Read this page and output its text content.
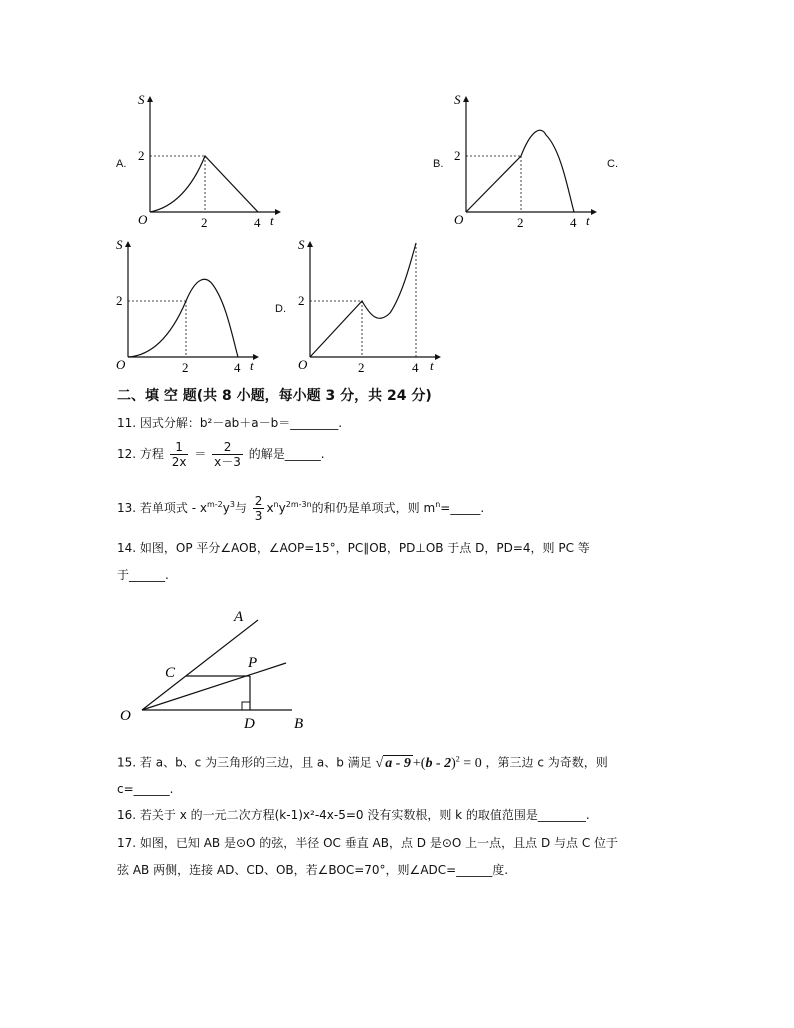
A.
S
2
O	2	4 t
B.
S
2
O	2	4 t
C.
S
2
O	2	4 t
D.
S
2
O	2	4 t
二、填 空 题(共 8 小题，每小题 3 分，共 24 分)
11. 因式分解：b²－ab＋a－b＝________.
12. 方程 $\frac{1}{2x} = \frac{2}{x-3}$ 的解是______.
13. 若单项式 - $x^{m-2}y^3$与 $\frac{2}{3} x^ny^{2m-3n}$的和仍是单项式，则 $m^n=\_\_\_\_\_$.
14. 如图，OP 平分∠AOB，∠AOP=15°，PC∥OB，PD⊥OB 于点 D，PD=4，则 PC 等
于______.
A
C
P
O	D	B
15. 若 a、b、c 为三角形的三边，且 a、b 满足 √ a - 9 +(b - 2)$^2$ = 0 ，第三边 c 为奇数，则
c=______.
16. 若关于 x 的一元二次方程(k-1)x²-4x-5=0 没有实数根，则 k 的取值范围是________.
17. 如图，已知 AB 是⊙O 的弦，半径 OC 垂直 AB，点 D 是⊙O 上一点，且点 D 与点 C 位于
弦 AB 两侧，连接 AD、CD、OB，若∠BOC=70°，则∠ADC=______度.
